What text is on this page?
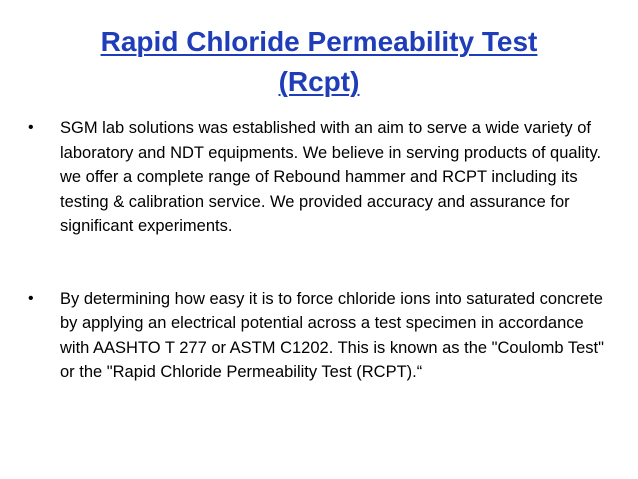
Rapid Chloride Permeability Test
(Rcpt)
•	SGM lab solutions was established with an aim to serve a wide variety of laboratory and NDT equipments. We believe in serving products of quality. we offer a complete range of Rebound hammer and RCPT including its testing & calibration service. We provided accuracy and assurance for significant experiments.
•	By determining how easy it is to force chloride ions into saturated concrete by applying an electrical potential across a test specimen in accordance with AASHTO T 277 or ASTM C1202. This is known as the "Coulomb Test" or the "Rapid Chloride Permeability Test (RCPT).“
